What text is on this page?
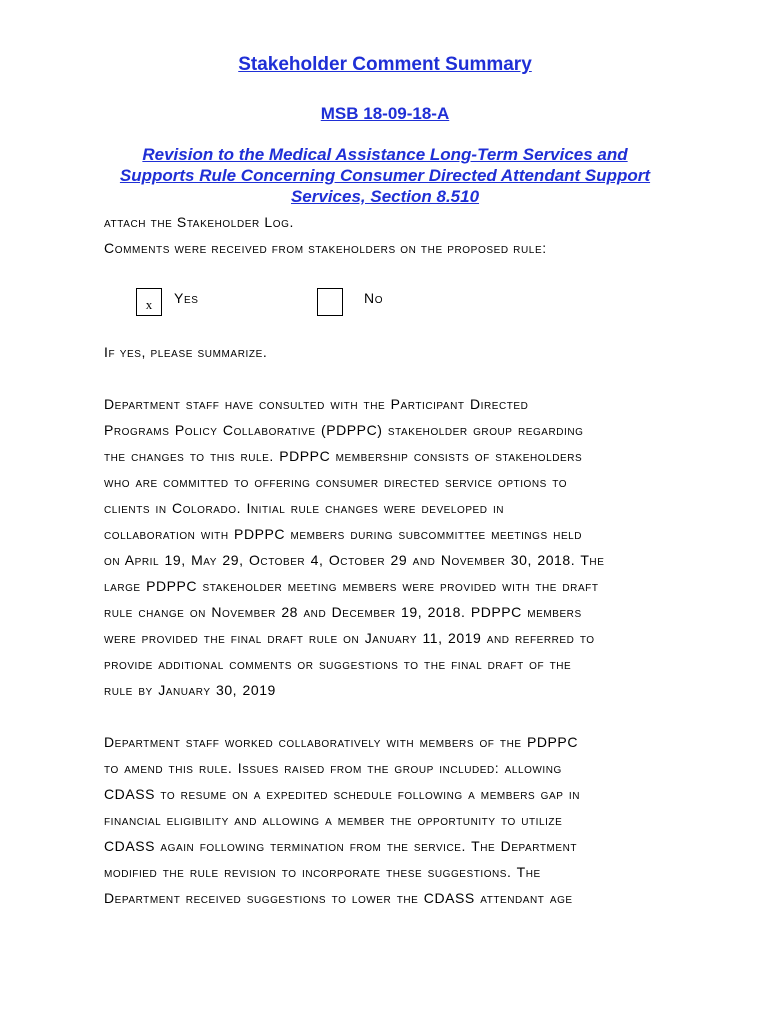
Stakeholder Comment Summary
MSB 18-09-18-A
Revision to the Medical Assistance Long-Term Services and
Supports Rule Concerning Consumer Directed Attendant Support
Services, Section 8.510
attach the Stakeholder Log.
Comments were received from stakeholders on the proposed rule:
x	Yes	No
If yes, please summarize.
Department staff have consulted with the Participant Directed
Programs Policy Collaborative (PDPPC) stakeholder group regarding
the changes to this rule. PDPPC membership consists of stakeholders
who are committed to offering consumer directed service options to
clients in Colorado. Initial rule changes were developed in
collaboration with PDPPC members during subcommittee meetings held
on April 19, May 29, October 4, October 29 and November 30, 2018. The
large PDPPC stakeholder meeting members were provided with the draft
rule change on November 28 and December 19, 2018. PDPPC members
were provided the final draft rule on January 11, 2019 and referred to
provide additional comments or suggestions to the final draft of the
rule by January 30, 2019
Department staff worked collaboratively with members of the PDPPC
to amend this rule. Issues raised from the group included: allowing
CDASS to resume on a expedited schedule following a members gap in
financial eligibility and allowing a member the opportunity to utilize
CDASS again following termination from the service. The Department
modified the rule revision to incorporate these suggestions. The
Department received suggestions to lower the CDASS attendant age
